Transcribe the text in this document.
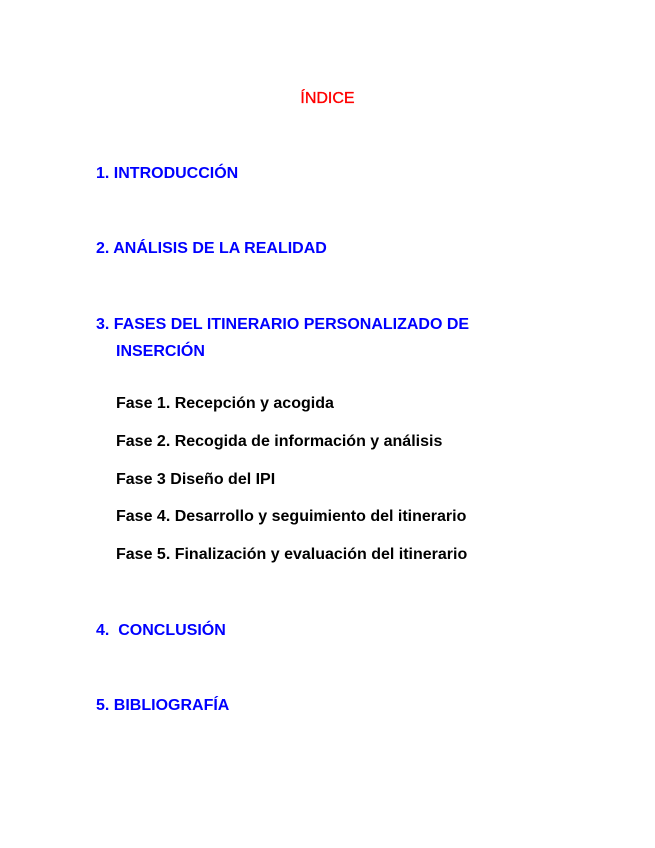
ÍNDICE
1. INTRODUCCIÓN
2. ANÁLISIS DE LA REALIDAD
3. FASES DEL ITINERARIO PERSONALIZADO DE
INSERCIÓN
Fase 1. Recepción y acogida
Fase 2. Recogida de información y análisis
Fase 3 Diseño del IPI
Fase 4. Desarrollo y seguimiento del itinerario
Fase 5. Finalización y evaluación del itinerario
4.  CONCLUSIÓN
5. BIBLIOGRAFÍA
